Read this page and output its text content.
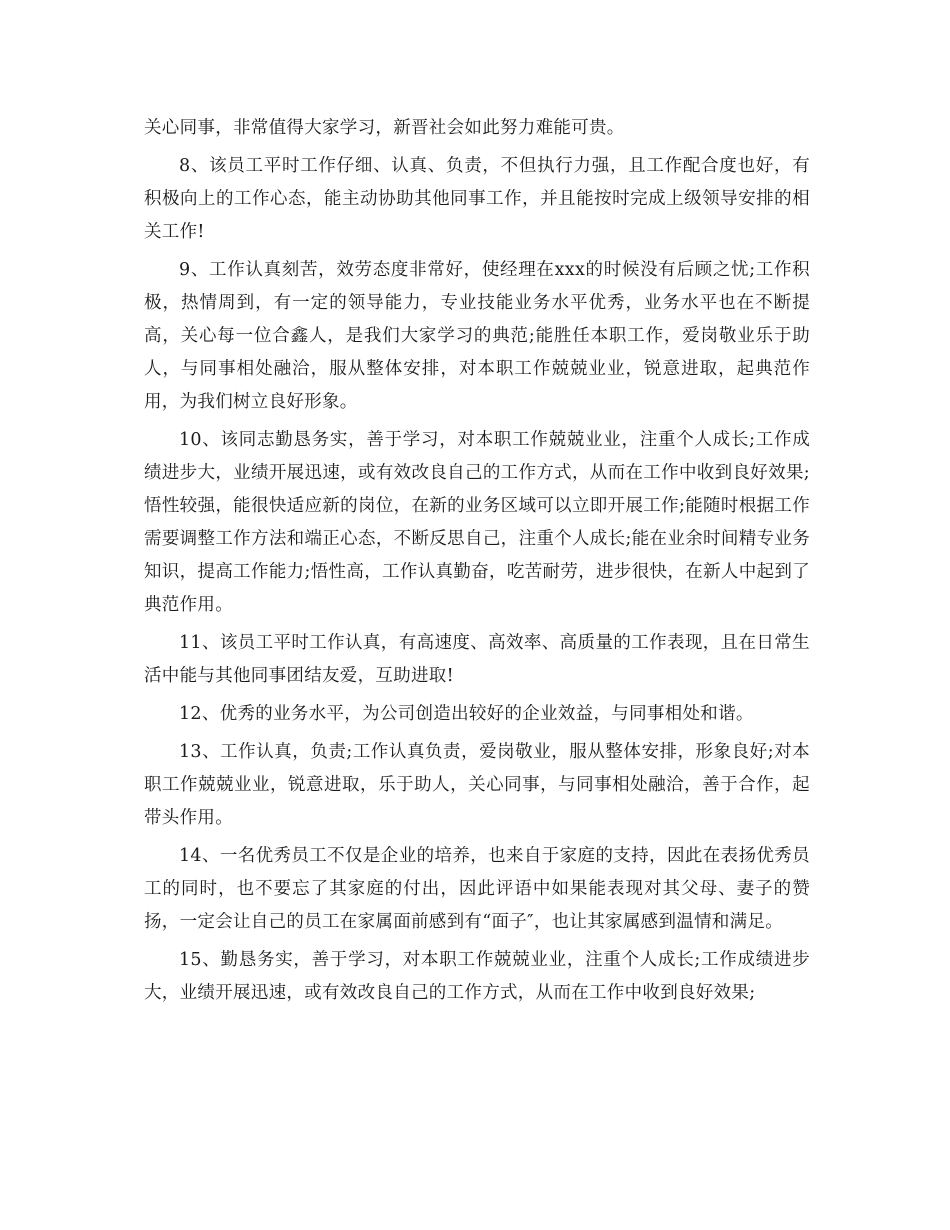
关心同事，非常值得大家学习，新晋社会如此努力难能可贵。

8、该员工平时工作仔细、认真、负责，不但执行力强，且工作配合度也好，有积极向上的工作心态，能主动协助其他同事工作，并且能按时完成上级领导安排的相关工作!

9、工作认真刻苦，效劳态度非常好，使经理在xxx的时候没有后顾之忧;工作积极，热情周到，有一定的领导能力，专业技能业务水平优秀，业务水平也在不断提高，关心每一位合鑫人，是我们大家学习的典范;能胜任本职工作，爱岗敬业乐于助人，与同事相处融洽，服从整体安排，对本职工作兢兢业业，锐意进取，起典范作用，为我们树立良好形象。

10、该同志勤恳务实，善于学习，对本职工作兢兢业业，注重个人成长;工作成绩进步大，业绩开展迅速，或有效改良自己的工作方式，从而在工作中收到良好效果;悟性较强，能很快适应新的岗位，在新的业务区域可以立即开展工作;能随时根据工作需要调整工作方法和端正心态，不断反思自己，注重个人成长;能在业余时间精专业务知识，提高工作能力;悟性高，工作认真勤奋，吃苦耐劳，进步很快，在新人中起到了典范作用。

11、该员工平时工作认真，有高速度、高效率、高质量的工作表现，且在日常生活中能与其他同事团结友爱，互助进取!

12、优秀的业务水平，为公司创造出较好的企业效益，与同事相处和谐。

13、工作认真，负责;工作认真负责，爱岗敬业，服从整体安排，形象良好;对本职工作兢兢业业，锐意进取，乐于助人，关心同事，与同事相处融洽，善于合作，起带头作用。

14、一名优秀员工不仅是企业的培养，也来自于家庭的支持，因此在表扬优秀员工的同时，也不要忘了其家庭的付出，因此评语中如果能表现对其父母、妻子的赞扬，一定会让自己的员工在家属面前感到有“面子″，也让其家属感到温情和满足。

15、勤恳务实，善于学习，对本职工作兢兢业业，注重个人成长;工作成绩进步大，业绩开展迅速，或有效改良自己的工作方式，从而在工作中收到良好效果;
